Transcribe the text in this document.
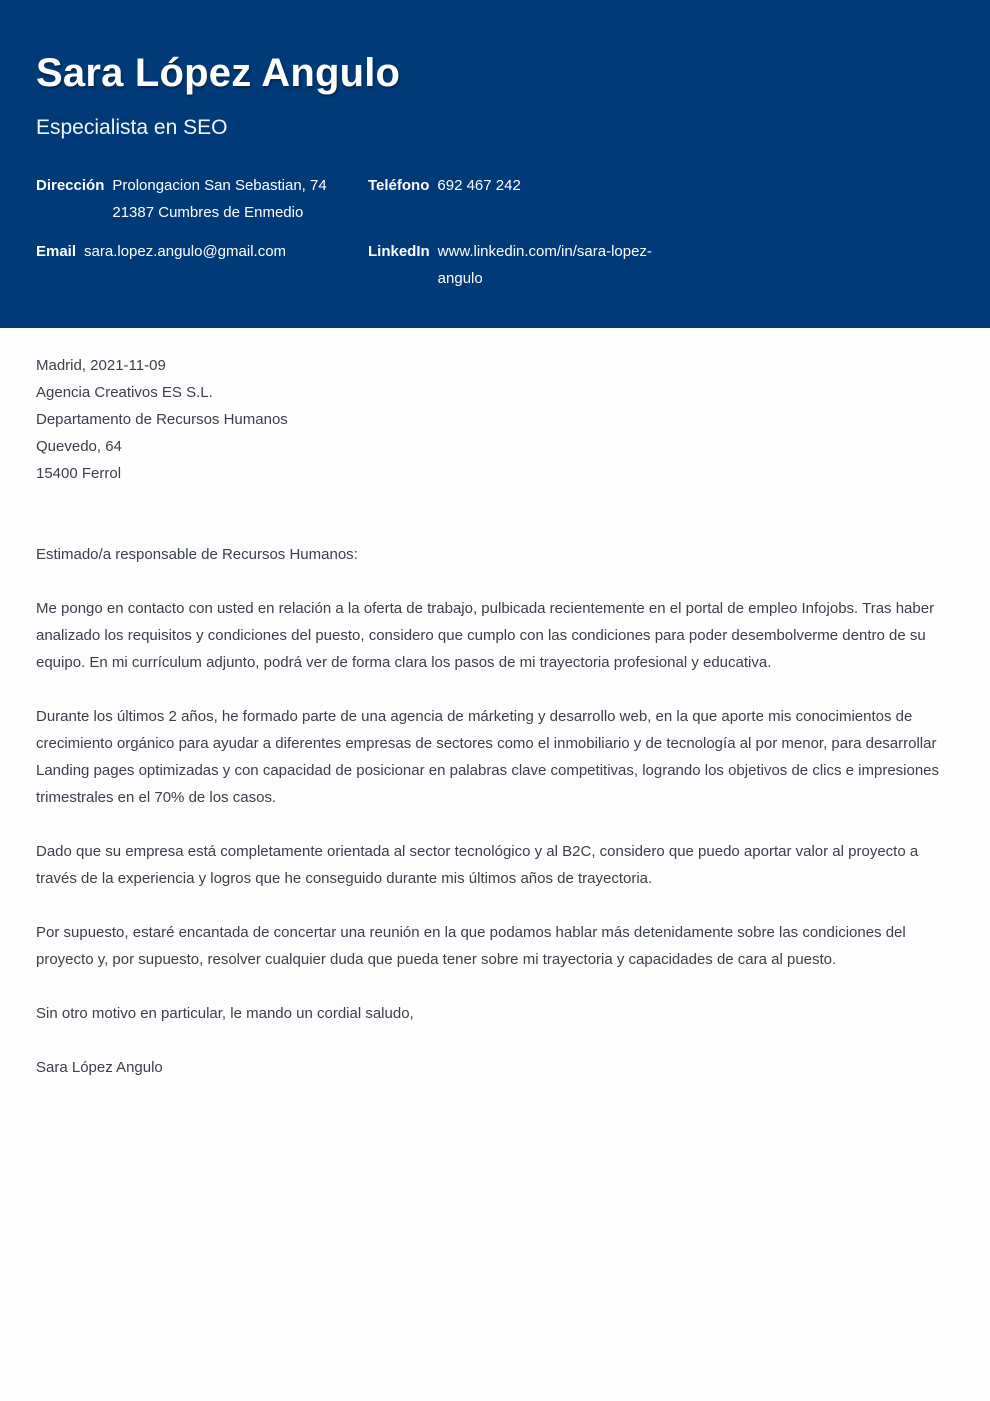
Sara López Angulo
Especialista en SEO
Dirección Prolongacion San Sebastian, 74
21387 Cumbres de Enmedio
Teléfono 692 467 242
Email sara.lopez.angulo@gmail.com	LinkedIn www.linkedin.com/in/sara-lopez-
angulo

Madrid, 2021-11-09

Agencia Creativos ES S.L.

Departamento de Recursos Humanos

Quevedo, 64

15400 Ferrol

Estimado/a responsable de Recursos Humanos:

Me pongo en contacto con usted en relación a la oferta de trabajo, pulbicada recientemente en el portal de empleo Infojobs. Tras haber analizado los requisitos y condiciones del puesto, considero que cumplo con las condiciones para poder desembolverme dentro de su equipo. En mi currículum adjunto, podrá ver de forma clara los pasos de mi trayectoria profesional y educativa.

Durante los últimos 2 años, he formado parte de una agencia de márketing y desarrollo web, en la que aporte mis conocimientos de crecimiento orgánico para ayudar a diferentes empresas de sectores como el inmobiliario y de tecnología al por menor, para desarrollar Landing pages optimizadas y con capacidad de posicionar en palabras clave competitivas, logrando los objetivos de clics e impresiones trimestrales en el 70% de los casos.

Dado que su empresa está completamente orientada al sector tecnológico y al B2C, considero que puedo aportar valor al proyecto a través de la experiencia y logros que he conseguido durante mis últimos años de trayectoria.

Por supuesto, estaré encantada de concertar una reunión en la que podamos hablar más detenidamente sobre las condiciones del proyecto y, por supuesto, resolver cualquier duda que pueda tener sobre mi trayectoria y capacidades de cara al puesto.

Sin otro motivo en particular, le mando un cordial saludo,

Sara López Angulo
